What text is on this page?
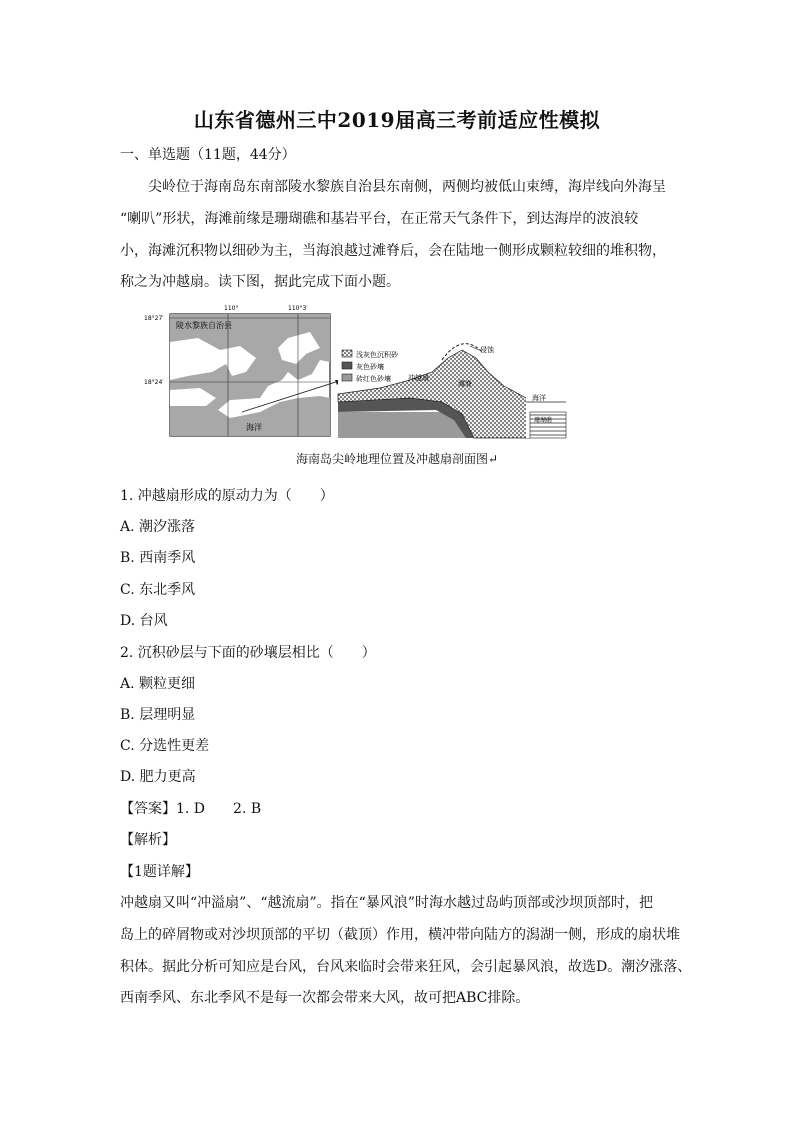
山东省德州三中2019届高三考前适应性模拟
一、单选题（11题，44分）
尖岭位于海南岛东南部陵水黎族自治县东南侧，两侧均被低山束缚，海岸线向外海呈
“喇叭”形状，海滩前缘是珊瑚礁和基岩平台，在正常天气条件下，到达海岸的波浪较
小，海滩沉积物以细砂为主，当海浪越过滩脊后，会在陆地一侧形成颗粒较细的堆积物，
称之为冲越扇。读下图，据此完成下面小题。
110°	110°3′
18°27′
18°24′
陵水黎族自治县
海洋
冲越扇
侵蚀
滩脊
海洋
珊瑚礁
浅灰色沉积砂
灰色砂壤
砖红色砂壤
海南岛尖岭地理位置及冲越扇剖面图↵
1. 冲越扇形成的原动力为（　　）
A. 潮汐涨落
B. 西南季风
C. 东北季风
D. 台风
2. 沉积砂层与下面的砂壤层相比（　　）
A. 颗粒更细
B. 层理明显
C. 分选性更差
D. 肥力更高
【答案】1. D　　2. B
【解析】
【1题详解】
冲越扇又叫“冲溢扇”、“越流扇”。指在“暴风浪”时海水越过岛屿顶部或沙坝顶部时，把
岛上的碎屑物或对沙坝顶部的平切（截顶）作用，横冲带向陆方的潟湖一侧，形成的扇状堆
积体。据此分析可知应是台风，台风来临时会带来狂风，会引起暴风浪，故选D。潮汐涨落、
西南季风、东北季风不是每一次都会带来大风，故可把ABC排除。
